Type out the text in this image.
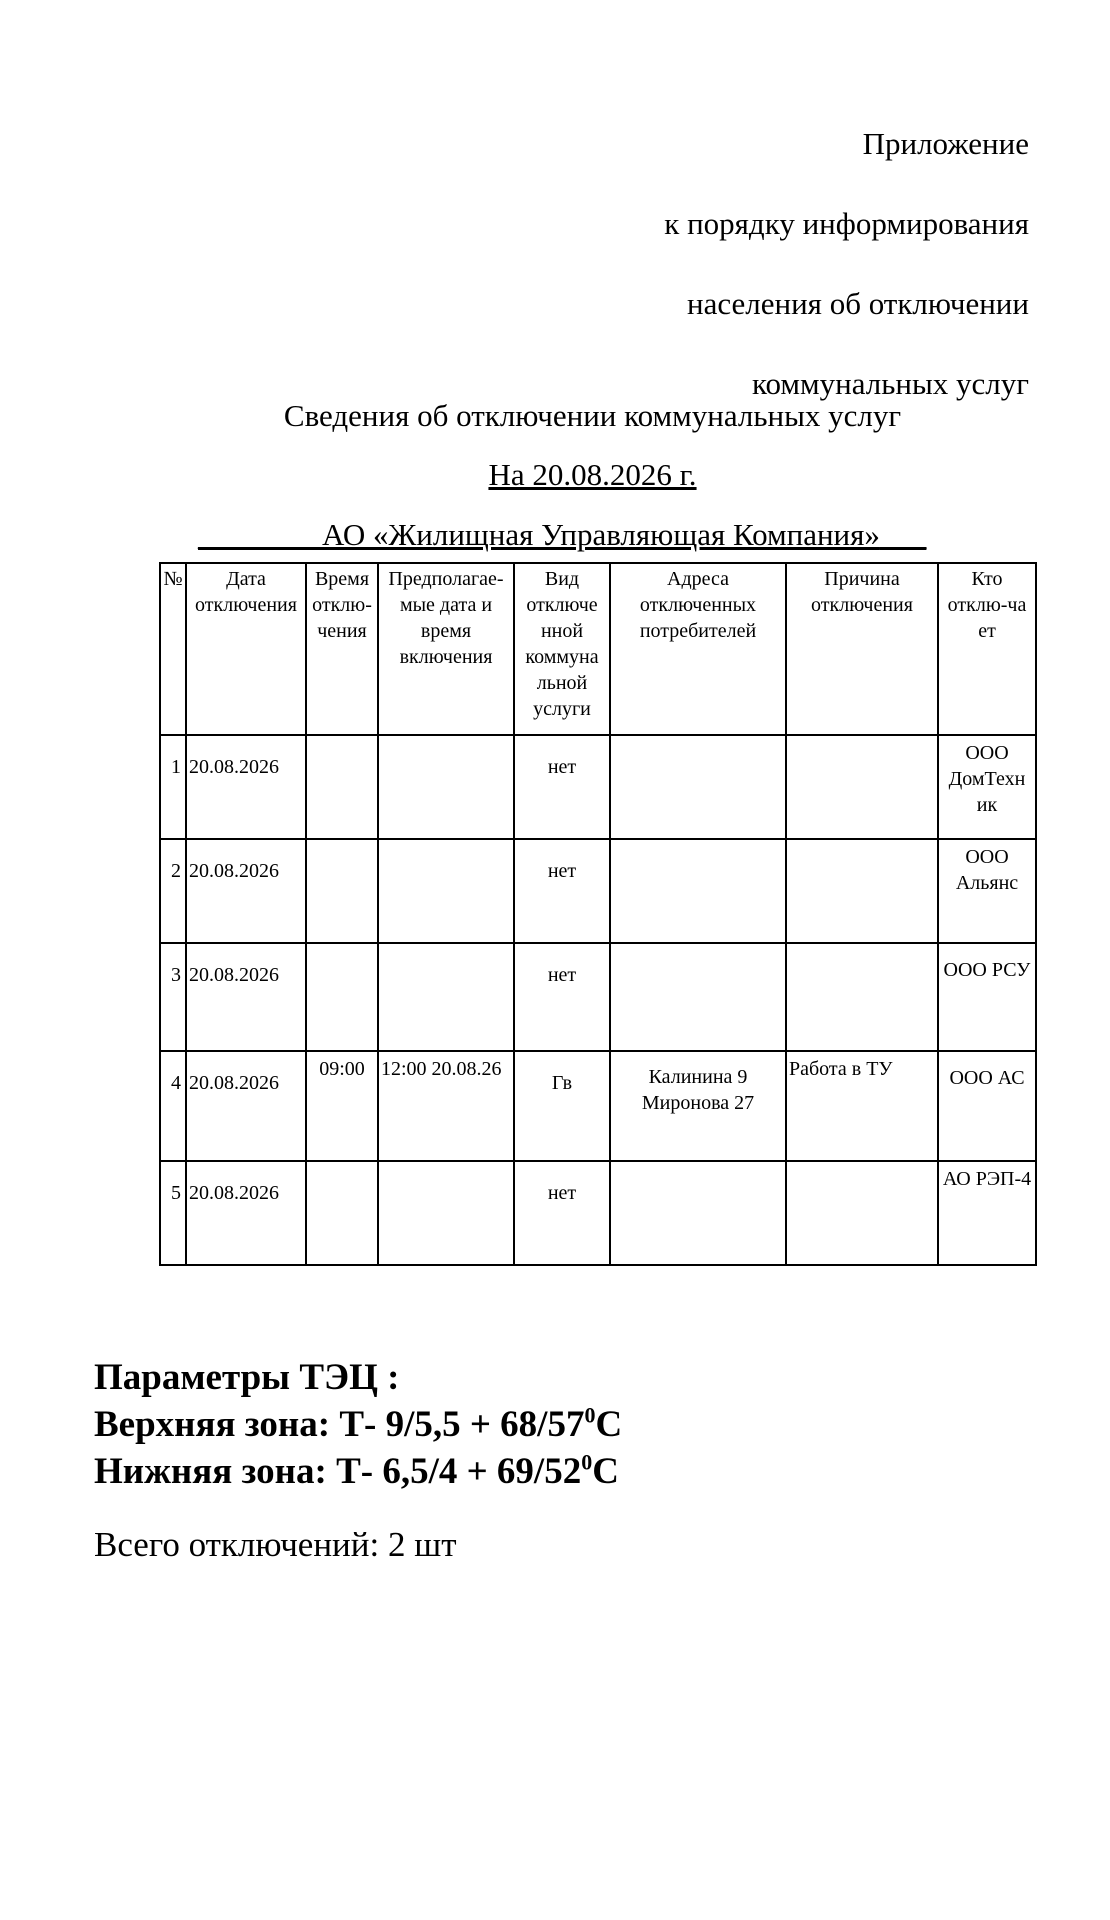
Приложение
к порядку информирования
населения об отключении
коммунальных услуг
Сведения об отключении коммунальных услуг
На 20.08.2026 г.
________АО «Жилищная Управляющая Компания»___
№	Дата отключения	Время отклю-чения	Предполагае-мые дата и время включения	Вид отключе нной коммуна льной услуги	Адреса отключенных потребителей	Причина отключения	Кто отклю-ча ет
1	20.08.2026			нет			ООО ДомТехн ик
2	20.08.2026			нет			ООО Альянс
3	20.08.2026			нет			ООО РСУ
4	20.08.2026	09:00	12:00 20.08.26	Гв	Калинина 9 Миронова 27	Работа в ТУ	ООО АС
5	20.08.2026			нет			АО РЭП-4
Параметры ТЭЦ :
Верхняя зона: Т- $9/5,5 + 68/57^0С$
Нижняя зона: Т- $6,5/4 + 69/52^0С$
Всего отключений: 2 шт
